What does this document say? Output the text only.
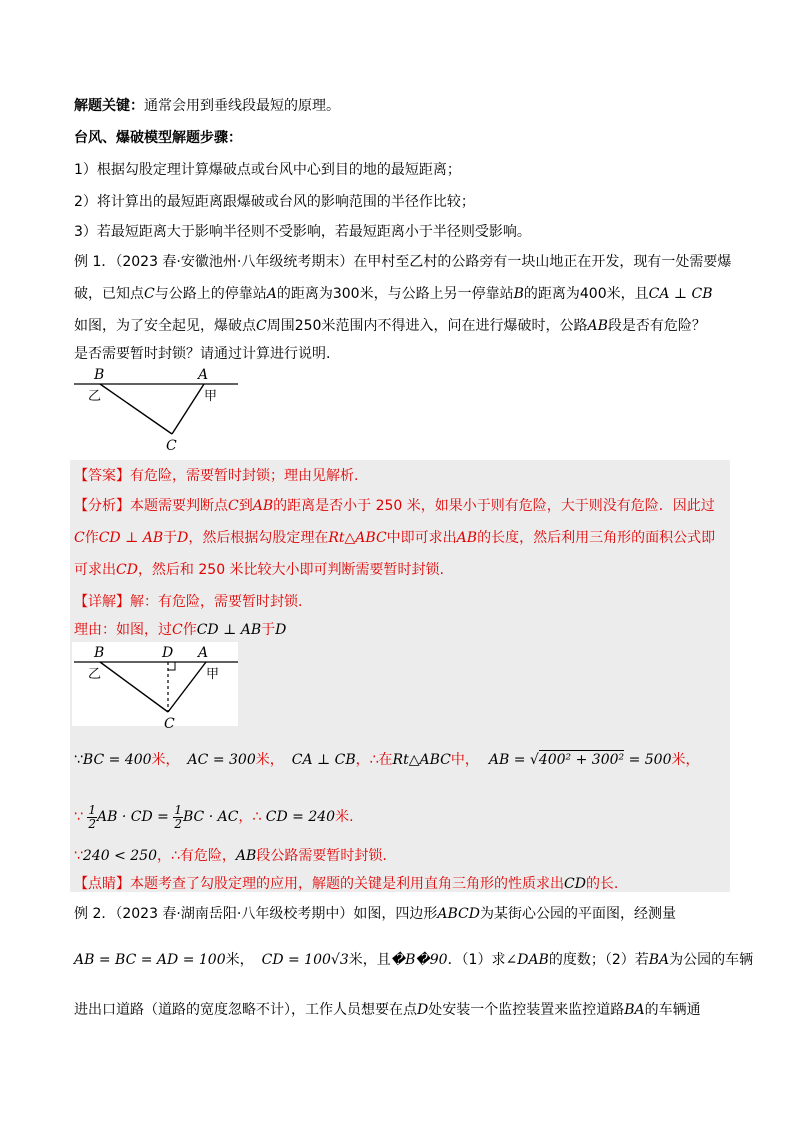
解题关键：通常会用到垂线段最短的原理。
台风、爆破模型解题步骤：
1）根据勾股定理计算爆破点或台风中心到目的地的最短距离；
2）将计算出的最短距离跟爆破或台风的影响范围的半径作比较；
3）若最短距离大于影响半径则不受影响，若最短距离小于半径则受影响。
例 1．（2023 春·安徽池州·八年级统考期末）在甲村至乙村的公路旁有一块山地正在开发，现有一处需要爆
破，已知点C与公路上的停靠站A的距离为300米，与公路上另一停靠站B的距离为400米，且CA ⊥ CB
如图，为了安全起见，爆破点C周围250米范围内不得进入，问在进行爆破时，公路AB段是否有危险？
是否需要暂时封锁？请通过计算进行说明.
B	A
C
乙	甲
【答案】有危险，需要暂时封锁；理由见解析.
【分析】本题需要判断点C到AB的距离是否小于 250 米，如果小于则有危险，大于则没有危险．因此过
C作CD ⊥ AB于D，然后根据勾股定理在Rt△ABC中即可求出AB的长度，然后利用三角形的面积公式即
可求出CD，然后和 250 米比较大小即可判断需要暂时封锁.
【详解】解：有危险，需要暂时封锁.
理由：如图，过C作CD ⊥ AB于D
B	D A
C
乙	甲
∵BC = 400米， AC = 300米， CA ⊥ CB，∴在Rt△ABC中， AB = √400² + 300² = 500米，
∵ $\frac{1}{2}$ AB · CD = $\frac{1}{2}$ BC · AC，∴ CD = 240米.
∵240 < 250，∴有危险，AB段公路需要暂时封锁.
【点睛】本题考查了勾股定理的应用，解题的关键是利用直角三角形的性质求出CD的长.
例 2．（2023 春·湖南岳阳·八年级校考期中）如图，四边形ABCD为某街心公园的平面图，经测量
AB = BC = AD = 100米， CD = 100√3米，且�B�90．（1）求∠DAB的度数；（2）若BA为公园的车辆
进出口道路（道路的宽度忽略不计），工作人员想要在点D处安装一个监控装置来监控道路BA的车辆通
